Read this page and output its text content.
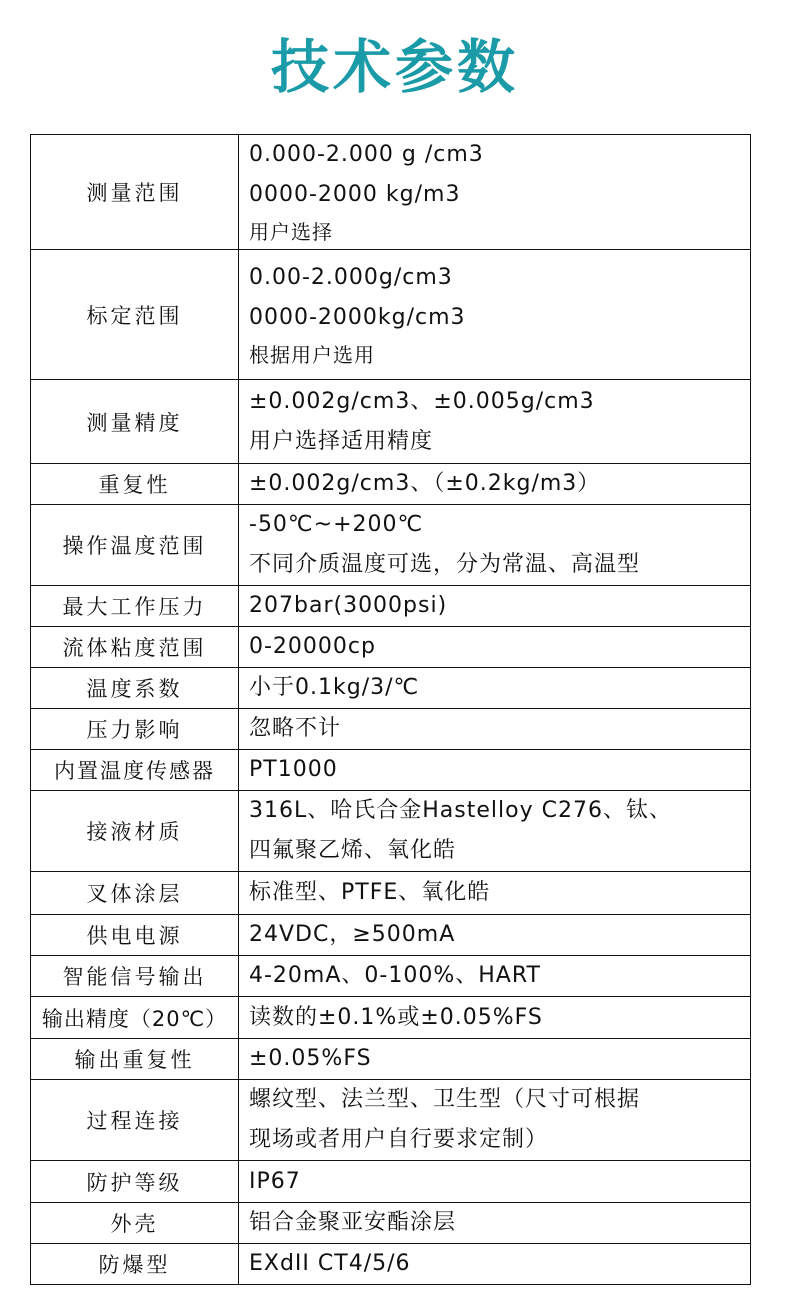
技术参数
测量范围	0.000-2.000 g /cm3
0000-2000 kg/m3
用户选择

标定范围	0.00-2.000g/cm3
0000-2000kg/cm3
根据用户选用

测量精度	±0.002g/cm3、±0.005g/cm3
用户选择适用精度

重复性	±0.002g/cm3、（±0.2kg/m3）

操作温度范围	-50℃~+200℃
不同介质温度可选，分为常温、高温型

最大工作压力	207bar(3000psi)

流体粘度范围	0-20000cp

温度系数	小于0.1kg/3/℃

压力影响	忽略不计

内置温度传感器	PT1000

接液材质	316L、哈氏合金Hastelloy C276、钛、
四氟聚乙烯、氧化皓

叉体涂层	标准型、PTFE、氧化皓

供电电源	24VDC，≥500mA

智能信号输出	4-20mA、0-100%、HART

输出精度（20℃）	读数的±0.1%或±0.05%FS

输出重复性	±0.05%FS

过程连接	螺纹型、法兰型、卫生型（尺寸可根据
现场或者用户自行要求定制）

防护等级	IP67

外壳	铝合金聚亚安酯涂层

防爆型	EXdII CT4/5/6
